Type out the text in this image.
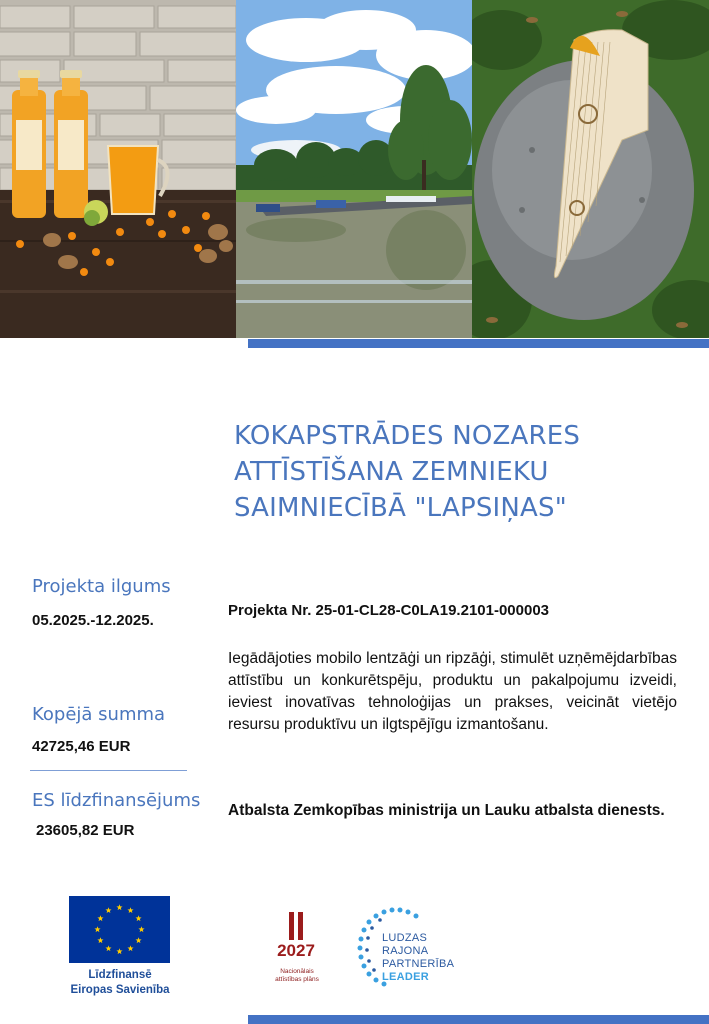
KOKAPSTRĀDES NOZARES
ATTĪSTĪŠANA ZEMNIEKU
SAIMNIECĪBĀ "LAPSIŅAS"
Projekta ilgums
05.2025.-12.2025.
Kopējā summa
42725,46 EUR
ES līdzfinansējums
23605,82 EUR
Projekta Nr. 25-01-CL28-C0LA19.2101-000003
Iegādājoties mobilo lentzāģi un ripzāģi, stimulēt uzņēmējdarbības attīstību un konkurētspēju, produktu un pakalpojumu izveidi, ieviest inovatīvas tehnoloģijas un prakses, veicināt vietējo resursu produktīvu un ilgtspējīgu izmantošanu.
Atbalsta Zemkopības ministrija un Lauku atbalsta dienests.
Līdzfinansē
Eiropas Savienība
2027
Nacionālais
attīstības plāns
LUDZAS
RAJONA
PARTNERĪBA
LEADER
